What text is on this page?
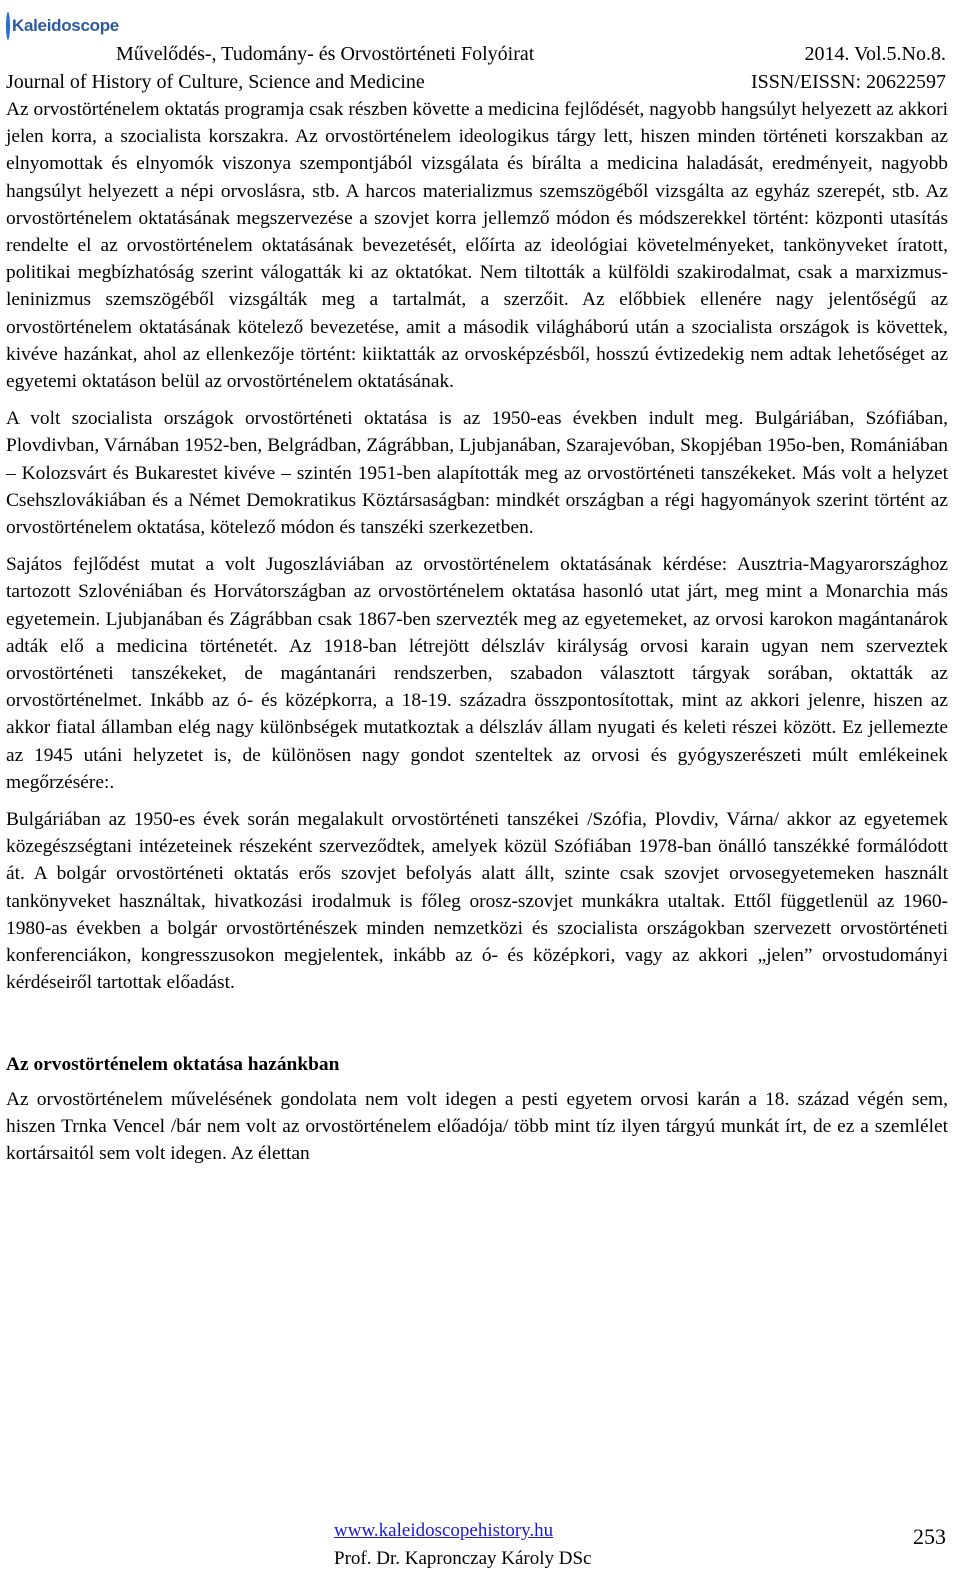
Kaleidoscope
Művelődés-, Tudomány- és Orvostörténeti Folyóirat
Journal of History of Culture, Science and Medicine
2014. Vol.5.No.8.
ISSN/EISSN: 20622597

Az orvostörténelem oktatás programja csak részben követte a medicina fejlődését, nagyobb hangsúlyt helyezett az akkori jelen korra, a szocialista korszakra. Az orvostörténelem ideologikus tárgy lett, hiszen minden történeti korszakban az elnyomottak és elnyomók viszonya szempontjából vizsgálata és bírálta a medicina haladását, eredményeit, nagyobb hangsúlyt helyezett a népi orvoslásra, stb. A harcos materializmus szemszögéből vizsgálta az egyház szerepét, stb. Az orvostörténelem oktatásának megszervezése a szovjet korra jellemző módon és módszerekkel történt: központi utasítás rendelte el az orvostörténelem oktatásának bevezetését, előírta az ideológiai követelményeket, tankönyveket íratott, politikai megbízhatóság szerint válogatták ki az oktatókat. Nem tiltották a külföldi szakirodalmat, csak a marxizmus-leninizmus szemszögéből vizsgálták meg a tartalmát, a szerzőit. Az előbbiek ellenére nagy jelentőségű az orvostörténelem oktatásának kötelező bevezetése, amit a második világháború után a szocialista országok is követtek, kivéve hazánkat, ahol az ellenkezője történt: kiiktatták az orvosképzésből, hosszú évtizedekig nem adtak lehetőséget az egyetemi oktatáson belül az orvostörténelem oktatásának.

A volt szocialista országok orvostörténeti oktatása is az 1950-eas években indult meg. Bulgáriában, Szófiában, Plovdivban, Várnában 1952-ben, Belgrádban, Zágrábban, Ljubjanában, Szarajevóban, Skopjéban 195o-ben, Romániában – Kolozsvárt és Bukarestet kivéve – szintén 1951-ben alapították meg az orvostörténeti tanszékeket. Más volt a helyzet Csehszlovákiában és a Német Demokratikus Köztársaságban: mindkét országban a régi hagyományok szerint történt az orvostörténelem oktatása, kötelező módon és tanszéki szerkezetben.

Sajátos fejlődést mutat a volt Jugoszláviában az orvostörténelem oktatásának kérdése: Ausztria-Magyarországhoz tartozott Szlovéniában és Horvátországban az orvostörténelem oktatása hasonló utat járt, meg mint a Monarchia más egyetemein. Ljubjanában és Zágrábban csak 1867-ben szervezték meg az egyetemeket, az orvosi karokon magántanárok adták elő a medicina történetét. Az 1918-ban létrejött délszláv királyság orvosi karain ugyan nem szerveztek orvostörténeti tanszékeket, de magántanári rendszerben, szabadon választott tárgyak sorában, oktatták az orvostörténelmet. Inkább az ó- és középkorra, a 18-19. századra összpontosítottak, mint az akkori jelenre, hiszen az akkor fiatal államban elég nagy különbségek mutatkoztak a délszláv állam nyugati és keleti részei között. Ez jellemezte az 1945 utáni helyzetet is, de különösen nagy gondot szenteltek az orvosi és gyógyszerészeti múlt emlékeinek megőrzésére:.

Bulgáriában az 1950-es évek során megalakult orvostörténeti tanszékei /Szófia, Plovdiv, Várna/ akkor az egyetemek közegészségtani intézeteinek részeként szerveződtek, amelyek közül Szófiában 1978-ban önálló tanszékké formálódott át. A bolgár orvostörténeti oktatás erős szovjet befolyás alatt állt, szinte csak szovjet orvosegyetemeken használt tankönyveket használtak, hivatkozási irodalmuk is főleg orosz-szovjet munkákra utaltak. Ettől függetlenül az 1960-1980-as években a bolgár orvostörténészek minden nemzetközi és szocialista országokban szervezett orvostörténeti konferenciákon, kongresszusokon megjelentek, inkább az ó- és középkori, vagy az akkori „jelen” orvostudományi kérdéseiről tartottak előadást.

Az orvostörténelem oktatása hazánkban

Az orvostörténelem művelésének gondolata nem volt idegen a pesti egyetem orvosi karán a 18. század végén sem, hiszen Trnka Vencel /bár nem volt az orvostörténelem előadója/ több mint tíz ilyen tárgyú munkát írt, de ez a szemlélet kortársaitól sem volt idegen. Az élettan

www.kaleidoscopehistory.hu
Prof. Dr. Kapronczay Károly DSc
253
